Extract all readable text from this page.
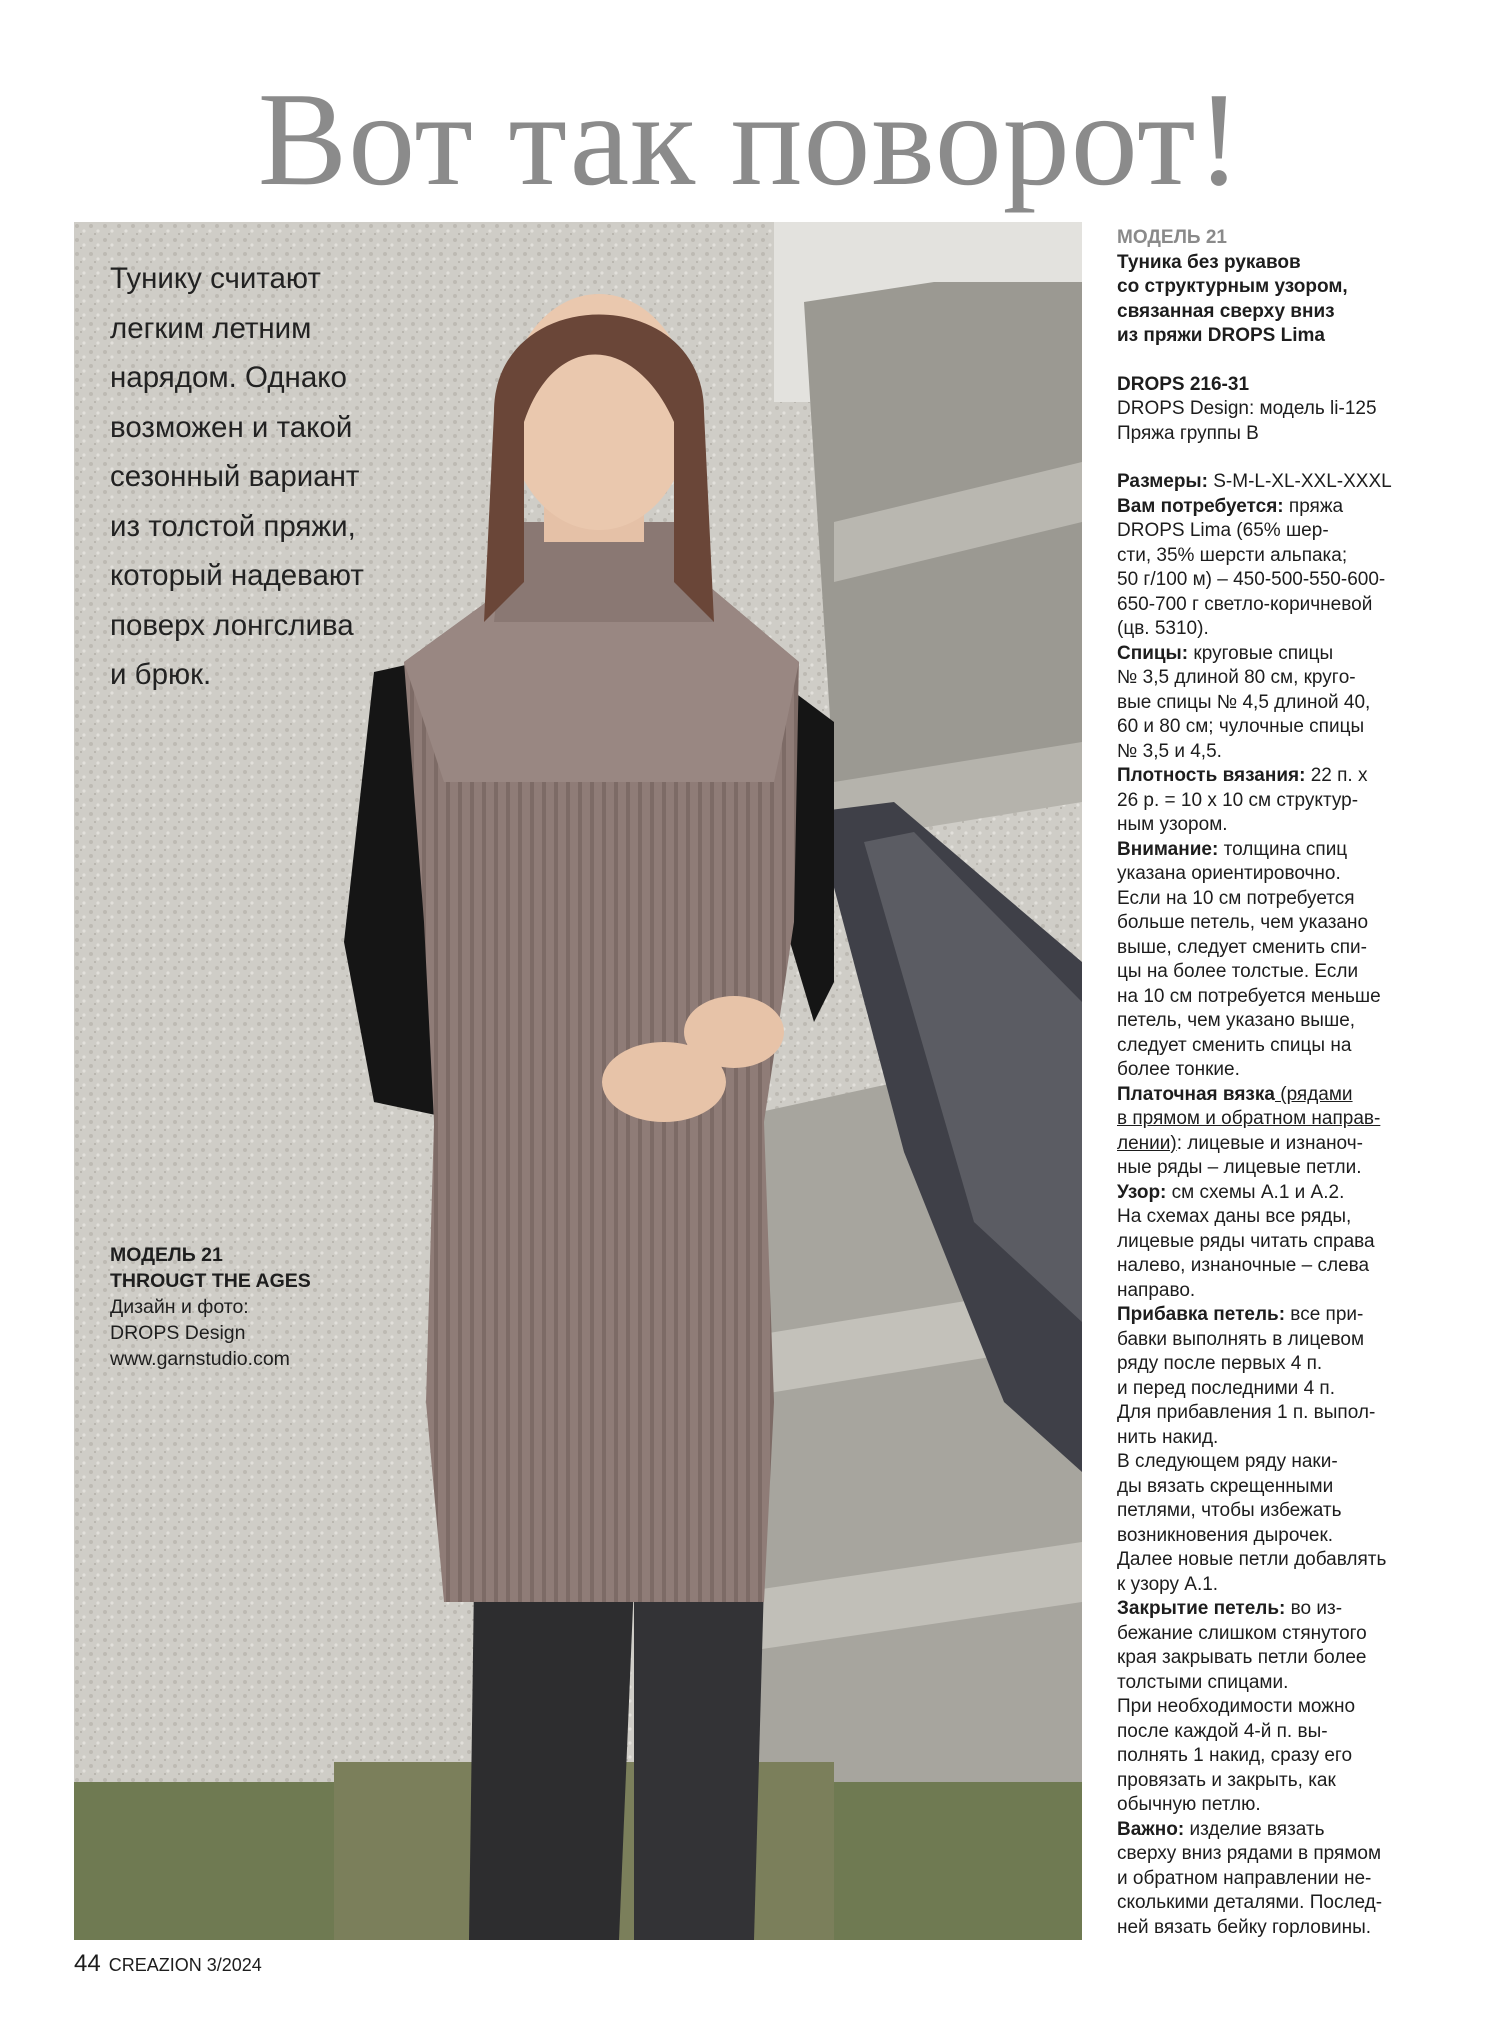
Вот так поворот!
Тунику считают
легким летним
нарядом. Однако
возможен и такой
сезонный вариант
из толстой пряжи,
который надевают
поверх лонгслива
и брюк.
МОДЕЛЬ 21
THROUGT THE AGES
Дизайн и фото:
DROPS Design
www.garnstudio.com
МОДЕЛЬ 21
Туника без рукавов
со структурным узором,
связанная сверху вниз
из пряжи DROPS Lima
DROPS 216-31
DROPS Design: модель li-125
Пряжа группы B
Размеры: S-M-L-XL-XXL-XXXL
Вам потребуется: пряжа
DROPS Lima (65% шер-
сти, 35% шерсти альпака;
50 г/100 м) – 450-500-550-600-
650-700 г светло-коричневой
(цв. 5310).
Спицы: круговые спицы
№ 3,5 длиной 80 см, кругo-
вые спицы № 4,5 длиной 40,
60 и 80 см; чулочные спицы
№ 3,5 и 4,5.
Плотность вязания: 22 п. х
26 р. = 10 х 10 см структур-
ным узором.
Внимание: толщина спиц
указана ориентировочно.
Если на 10 см потребуется
больше петель, чем указано
выше, следует сменить спи-
цы на более толстые. Если
на 10 см потребуется меньше
петель, чем указано выше,
следует сменить спицы на
более тонкие.
Платочная вязка (рядами
в прямом и обратном направ-
лении): лицевые и изнаноч-
ные ряды – лицевые петли.
Узор: см схемы А.1 и А.2.
На схемах даны все ряды,
лицевые ряды читать справа
налево, изнаночные – слева
направо.
Прибавка петель: все при-
бавки выполнять в лицевом
ряду после первых 4 п.
и перед последними 4 п.
Для прибавления 1 п. выпол-
нить накид.
В следующем ряду наки-
ды вязать скрещенными
петлями, чтобы избежать
возникновения дырочек.
Далее новые петли добавлять
к узору А.1.
Закрытие петель: во из-
бежание слишком стянутого
края закрывать петли более
толстыми спицами.
При необходимости можно
после каждой 4-й п. вы-
полнять 1 накид, сразу его
провязать и закрыть, как
обычную петлю.
Важно: изделие вязать
сверху вниз рядами в прямом
и обратном направлении не-
сколькими деталями. Послед-
ней вязать бейку горловины.
44 CREAZION 3/2024
